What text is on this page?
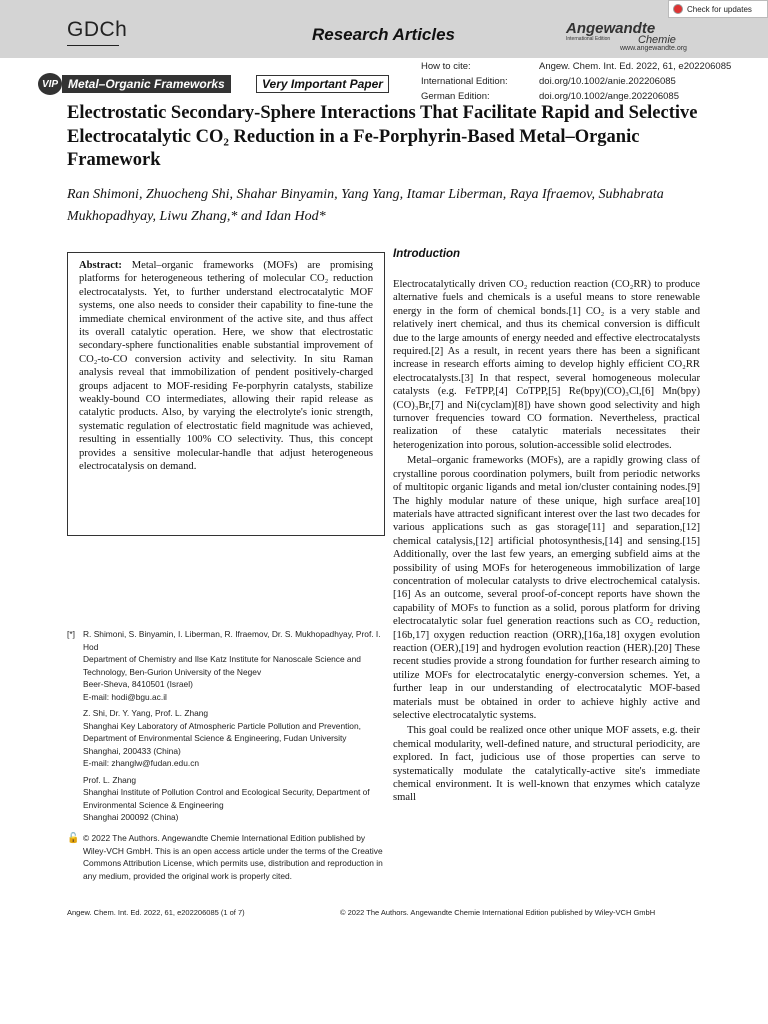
GDCh	Research Articles	Angewandte
Chemie
International Edition
www.angewandte.org
Check for updates
VIP Metal–Organic Frameworks	Very Important Paper
How to cite:	Angew. Chem. Int. Ed. 2022, 61, e202206085
International Edition:	doi.org/10.1002/anie.202206085
German Edition:	doi.org/10.1002/ange.202206085
Electrostatic Secondary-Sphere Interactions That Facilitate Rapid and Selective Electrocatalytic CO₂ Reduction in a Fe-Porphyrin-Based Metal–Organic Framework
Ran Shimoni, Zhuocheng Shi, Shahar Binyamin, Yang Yang, Itamar Liberman, Raya Ifraemov, Subhabrata Mukhopadhyay, Liwu Zhang,* and Idan Hod*
Abstract: Metal–organic frameworks (MOFs) are promising platforms for heterogeneous tethering of molecular CO₂ reduction electrocatalysts. Yet, to further understand electrocatalytic MOF systems, one also needs to consider their capability to fine-tune the immediate chemical environment of the active site, and thus affect its overall catalytic operation. Here, we show that electrostatic secondary-sphere functionalities enable substantial improvement of CO₂-to-CO conversion activity and selectivity. In situ Raman analysis reveal that immobilization of pendent positively-charged groups adjacent to MOF-residing Fe-porphyrin catalysts, stabilize weakly-bound CO intermediates, allowing their rapid release as catalytic products. Also, by varying the electrolyte's ionic strength, systematic regulation of electrostatic field magnitude was achieved, resulting in essentially 100% CO selectivity. Thus, this concept provides a sensitive molecular-handle that adjust heterogeneous electrocatalysis on demand.
[*] R. Shimoni, S. Binyamin, I. Liberman, R. Ifraemov, Dr. S. Mukhopadhyay, Prof. I. Hod
Department of Chemistry and Ilse Katz Institute for Nanoscale Science and Technology, Ben-Gurion University of the Negev
Beer-Sheva, 8410501 (Israel)
E-mail: hodi@bgu.ac.il
Z. Shi, Dr. Y. Yang, Prof. L. Zhang
Shanghai Key Laboratory of Atmospheric Particle Pollution and Prevention, Department of Environmental Science & Engineering, Fudan University
Shanghai, 200433 (China)
E-mail: zhanglw@fudan.edu.cn
Prof. L. Zhang
Shanghai Institute of Pollution Control and Ecological Security, Department of Environmental Science & Engineering
Shanghai 200092 (China)
🔓 © 2022 The Authors. Angewandte Chemie International Edition published by Wiley-VCH GmbH. This is an open access article under the terms of the Creative Commons Attribution License, which permits use, distribution and reproduction in any medium, provided the original work is properly cited.
Introduction

Electrocatalytically driven CO₂ reduction reaction (CO₂RR) to produce alternative fuels and chemicals is a useful means to store renewable energy in the form of chemical bonds.[1] CO₂ is a very stable and relatively inert chemical, and thus its chemical conversion is difficult due to the large amounts of energy needed and effective electrocatalysts required.[2] As a result, in recent years there has been a significant increase in research efforts aiming to develop highly efficient CO₂RR electrocatalysts.[3] In that respect, several homogeneous molecular catalysts (e.g. FeTPP,[4] CoTPP,[5] Re(bpy)(CO)₃Cl,[6] Mn(bpy)(CO)₃Br,[7] and Ni(cyclam)[8]) have shown good selectivity and high turnover frequencies toward CO formation. Nevertheless, practical realization of these catalytic materials necessitates their heterogenization into porous, solution-accessible solid electrodes.

Metal–organic frameworks (MOFs), are a rapidly growing class of crystalline porous coordination polymers, built from periodic networks of multitopic organic ligands and metal ion/cluster containing nodes.[9] The highly modular nature of these unique, high surface area[10] materials have attracted significant interest over the last two decades for various applications such as gas storage[11] and separation,[12] chemical catalysis,[12] artificial photosynthesis,[14] and sensing.[15] Additionally, over the last few years, an emerging subfield aims at the possibility of using MOFs for heterogeneous immobilization of large concentration of molecular catalysts to drive electrochemical catalysis.[16] As an outcome, several proof-of-concept reports have shown the capability of MOFs to function as a solid, porous platform for driving electrocatalytic solar fuel generation reactions such as CO₂ reduction,[16b,17] oxygen reduction reaction (ORR),[16a,18] oxygen evolution reaction (OER),[19] and hydrogen evolution reaction (HER).[20] These recent studies provide a strong foundation for further research aiming to utilize MOFs for electrocatalytic energy-conversion schemes. Yet, a further leap in our understanding of electrocatalytic MOF-based materials must be obtained in order to achieve highly active and selective electrocatalytic systems.

This goal could be realized once other unique MOF assets, e.g. their chemical modularity, well-defined nature, and structural periodicity, are explored. In fact, judicious use of those properties can serve to systematically modulate the catalytically-active site's immediate chemical environment. It is well-known that enzymes which catalyze small

Angew. Chem. Int. Ed. 2022, 61, e202206085 (1 of 7)	© 2022 The Authors. Angewandte Chemie International Edition published by Wiley-VCH GmbH
